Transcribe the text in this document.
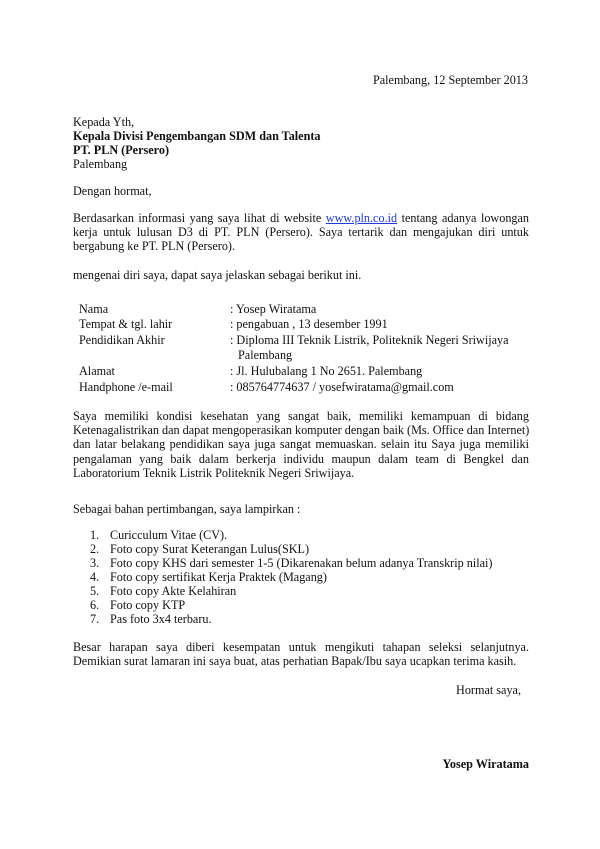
Palembang, 12 September 2013
Kepada Yth,
Kepala Divisi Pengembangan SDM dan Talenta
PT. PLN (Persero)
Palembang
Dengan hormat,
Berdasarkan informasi yang saya lihat di website www.pln.co.id tentang adanya lowongan
kerja untuk lulusan D3 di PT. PLN (Persero). Saya tertarik dan mengajukan diri untuk
bergabung ke PT. PLN (Persero).
mengenai diri saya, dapat saya jelaskan sebagai berikut ini.
Nama	: Yosep Wiratama
Tempat & tgl. lahir	: pengabuan , 13 desember 1991
Pendidikan Akhir	: Diploma III Teknik Listrik, Politeknik Negeri Sriwijaya
Palembang
Alamat	: Jl. Hulubalang 1 No 2651. Palembang
Handphone /e-mail	: 085764774637 / yosefwiratama@gmail.com
Saya memiliki kondisi kesehatan yang sangat baik, memiliki kemampuan di bidang
Ketenagalistrikan dan dapat mengoperasikan komputer dengan baik (Ms. Office dan Internet)
dan latar belakang pendidikan saya juga sangat memuaskan. selain itu Saya juga memiliki
pengalaman yang baik dalam berkerja individu maupun dalam team di Bengkel dan
Laboratorium Teknik Listrik Politeknik Negeri Sriwijaya.
Sebagai bahan pertimbangan, saya lampirkan :
1. Curicculum Vitae (CV).
2. Foto copy Surat Keterangan Lulus(SKL)
3. Foto copy KHS dari semester 1-5 (Dikarenakan belum adanya Transkrip nilai)
4. Foto copy sertifikat Kerja Praktek (Magang)
5. Foto copy Akte Kelahiran
6. Foto copy KTP
7. Pas foto 3x4 terbaru.
Besar harapan saya diberi kesempatan untuk mengikuti tahapan seleksi selanjutnya.
Demikian surat lamaran ini saya buat, atas perhatian Bapak/Ibu saya ucapkan terima kasih.
Hormat saya,
Yosep Wiratama
